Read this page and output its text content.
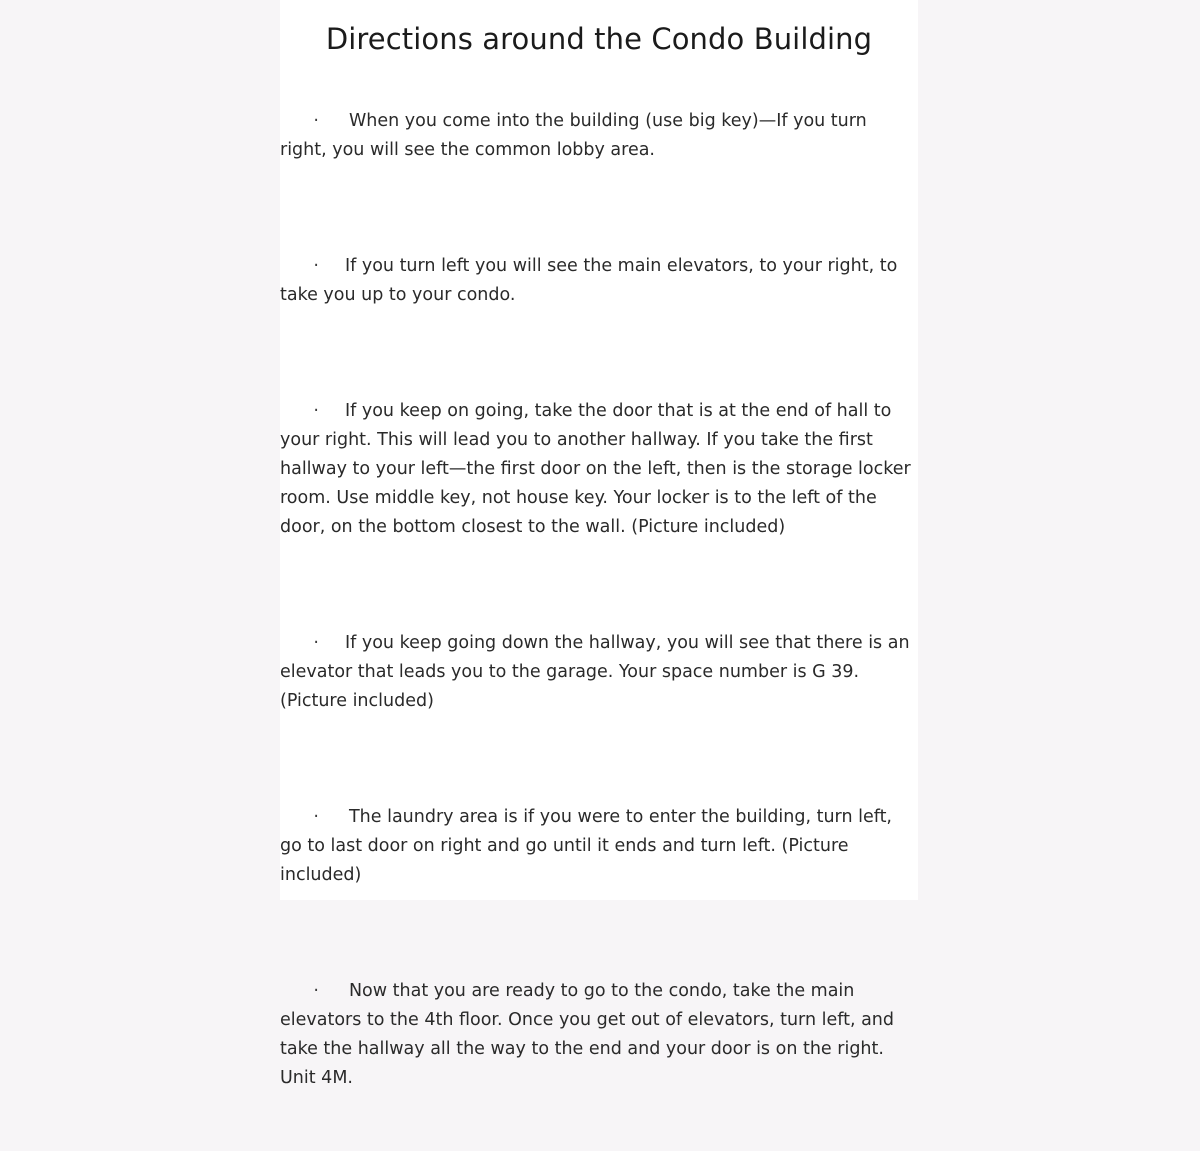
Directions around the Condo Building

· When you come into the building (use big key)—If you turn right, you will see the common lobby area.

· If you turn left you will see the main elevators, to your right, to take you up to your condo.

· If you keep on going, take the door that is at the end of hall to your right. This will lead you to another hallway. If you take the first hallway to your left—the first door on the left, then is the storage locker room. Use middle key, not house key. Your locker is to the left of the door, on the bottom closest to the wall. (Picture included)

· If you keep going down the hallway, you will see that there is an elevator that leads you to the garage. Your space number is G 39. (Picture included)

· The laundry area is if you were to enter the building, turn left, go to last door on right and go until it ends and turn left. (Picture included)

· Now that you are ready to go to the condo, take the main elevators to the 4th floor. Once you get out of elevators, turn left, and take the hallway all the way to the end and your door is on the right. Unit 4M.
